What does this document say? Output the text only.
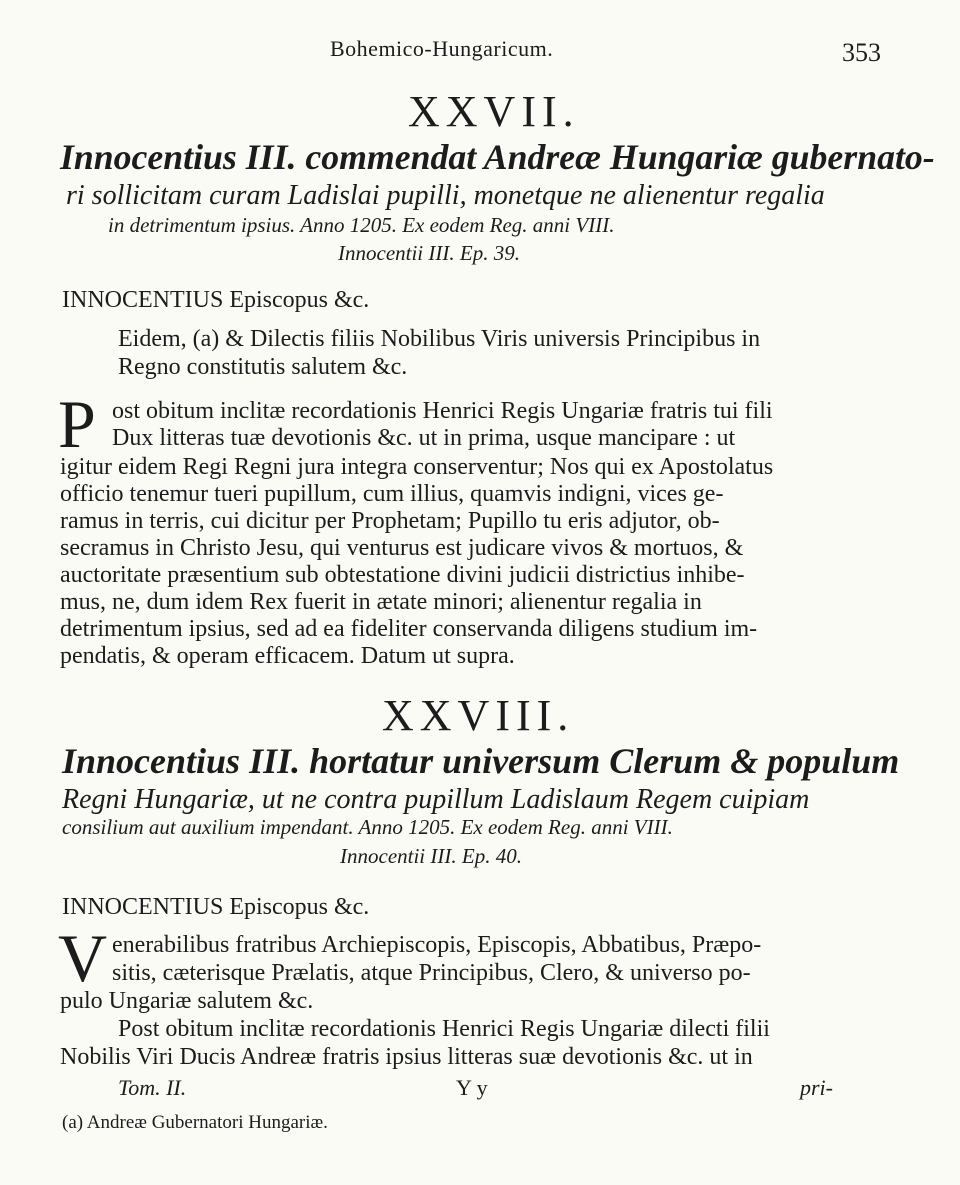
Bohemico-Hungaricum.	353
XXVII.
Innocentius III. commendat Andreæ Hungariæ gubernato-
ri sollicitam curam Ladislai pupilli, monetque ne alienentur regalia
in detrimentum ipsius. Anno 1205. Ex eodem Reg. anni VIII.
Innocentii III. Ep. 39.
INNOCENTIUS Episcopus &c.
Eidem, (a) & Dilectis filiis Nobilibus Viris universis Principibus in
Regno constitutis salutem &c.
P ost obitum inclitæ recordationis Henrici Regis Ungariæ fratris tui fili
Dux litteras tuæ devotionis &c. ut in prima, usque mancipare : ut
igitur eidem Regi Regni jura integra conserventur; Nos qui ex Apostolatus
officio tenemur tueri pupillum, cum illius, quamvis indigni, vices ge-
ramus in terris, cui dicitur per Prophetam; Pupillo tu eris adjutor, ob-
secramus in Christo Jesu, qui venturus est judicare vivos & mortuos, &
auctoritate præsentium sub obtestatione divini judicii districtius inhibe-
mus, ne, dum idem Rex fuerit in ætate minori; alienentur regalia in
detrimentum ipsius, sed ad ea fideliter conservanda diligens studium im-
pendatis, & operam efficacem. Datum ut supra.
XXVIII.
Innocentius III. hortatur universum Clerum & populum
Regni Hungariæ, ut ne contra pupillum Ladislaum Regem cuipiam
consilium aut auxilium impendant. Anno 1205. Ex eodem Reg. anni VIII.
Innocentii III. Ep. 40.
INNOCENTIUS Episcopus &c.
V enerabilibus fratribus Archiepiscopis, Episcopis, Abbatibus, Præpo-
sitis, cæterisque Prælatis, atque Principibus, Clero, & universo po-
pulo Ungariæ salutem &c.
Post obitum inclitæ recordationis Henrici Regis Ungariæ dilecti filii
Nobilis Viri Ducis Andreæ fratris ipsius litteras suæ devotionis &c. ut in
Tom. II.	Y y	pri-
(a) Andreæ Gubernatori Hungariæ.
